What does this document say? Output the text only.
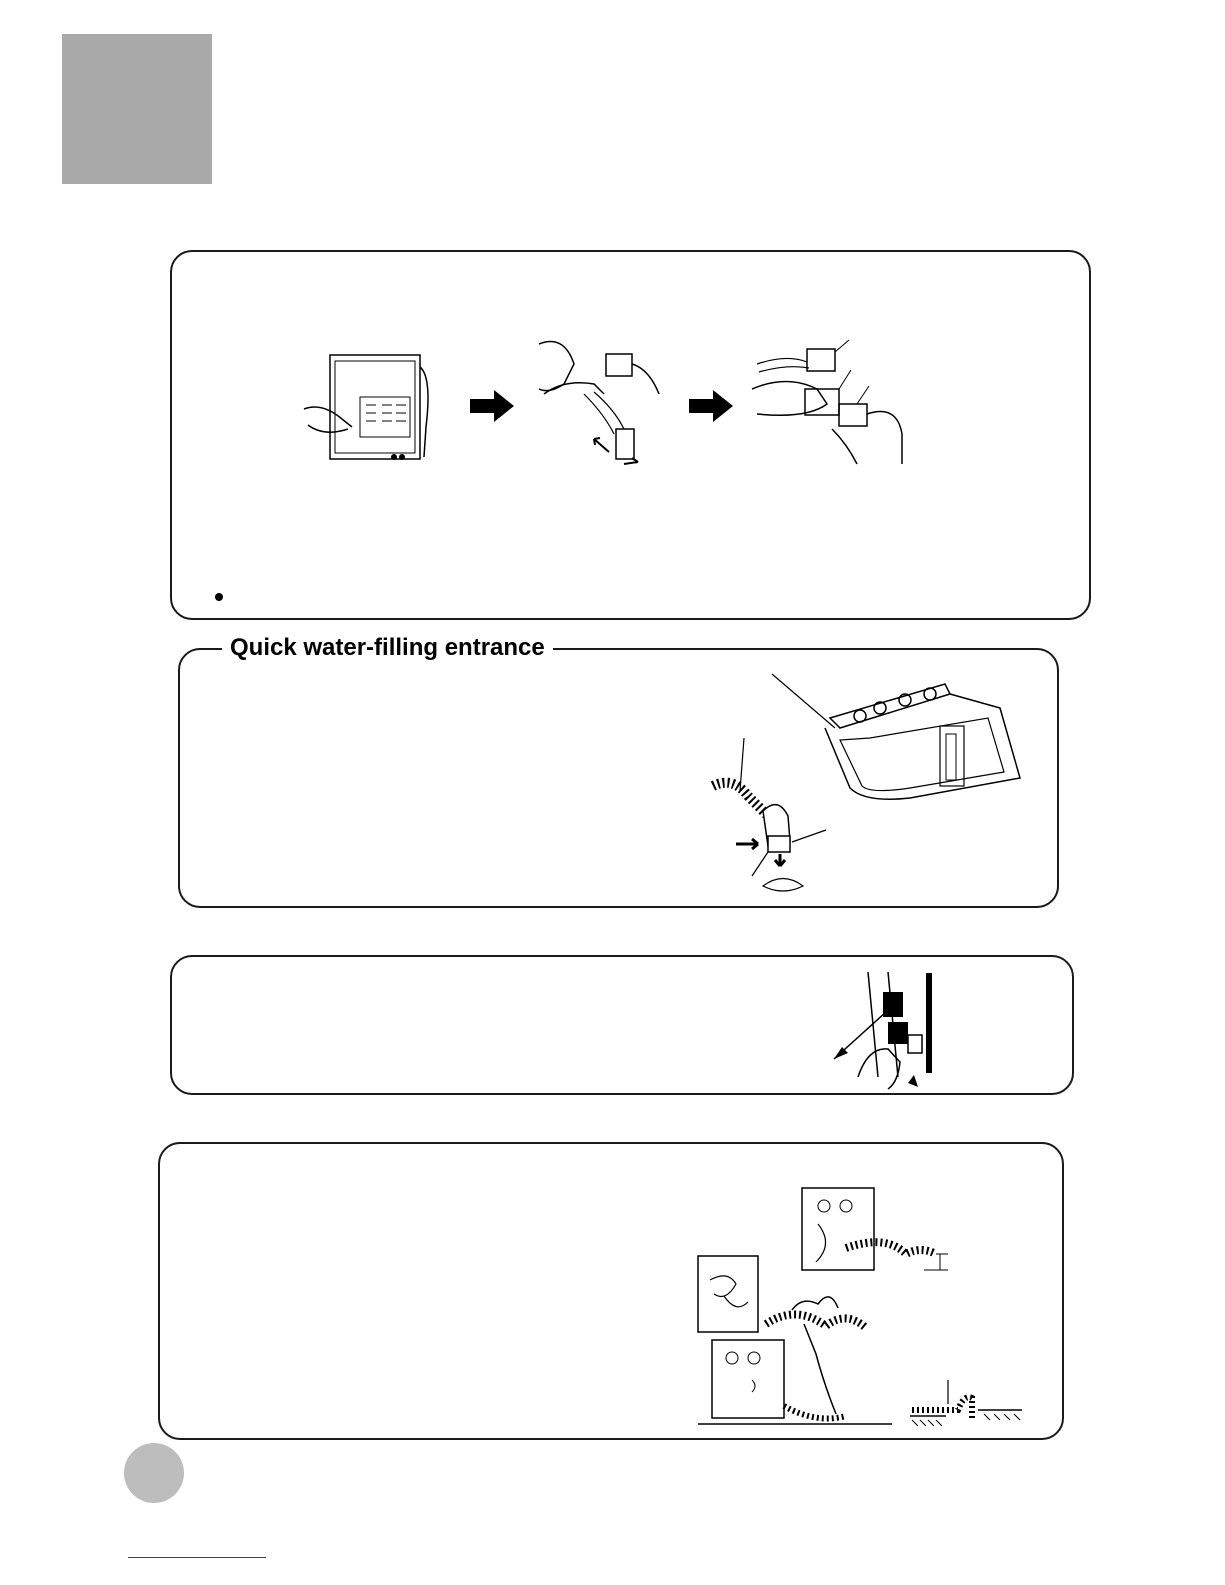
Quick water-filling entrance
